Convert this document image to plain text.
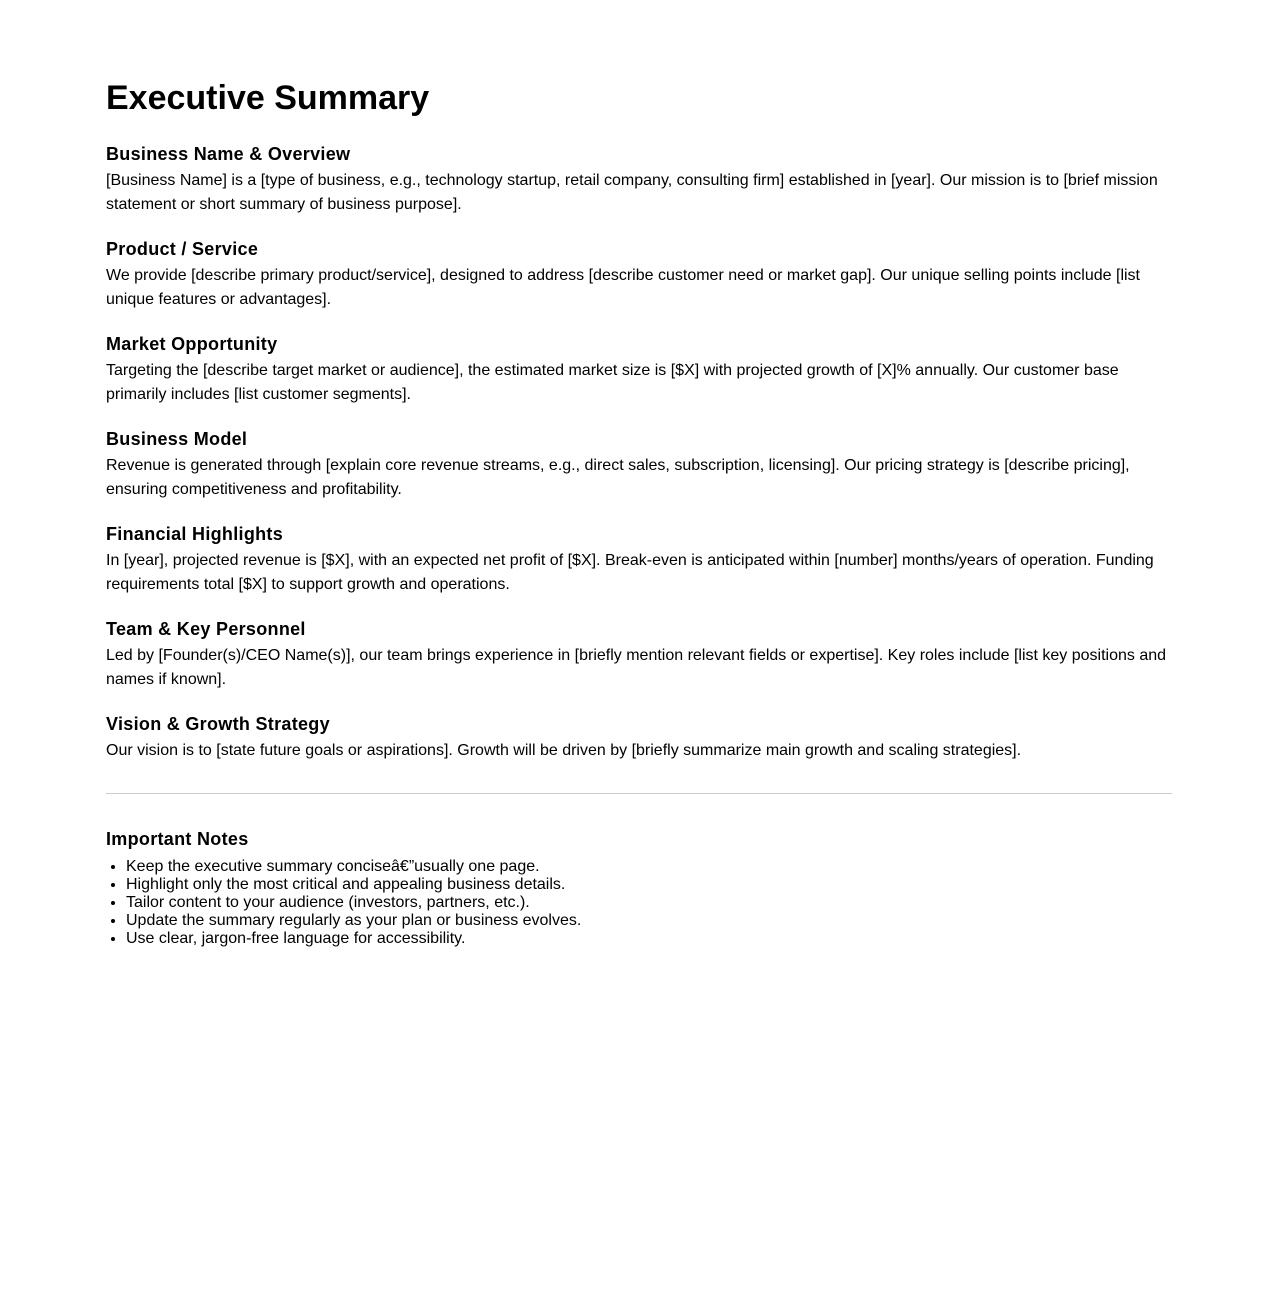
Executive Summary
Business Name & Overview

[Business Name] is a [type of business, e.g., technology startup, retail company, consulting firm] established in [year]. Our mission is to [brief mission statement or short summary of business purpose].

Product / Service

We provide [describe primary product/service], designed to address [describe customer need or market gap]. Our unique selling points include [list unique features or advantages].

Market Opportunity

Targeting the [describe target market or audience], the estimated market size is [$X] with projected growth of [X]% annually. Our customer base primarily includes [list customer segments].

Business Model

Revenue is generated through [explain core revenue streams, e.g., direct sales, subscription, licensing]. Our pricing strategy is [describe pricing], ensuring competitiveness and profitability.

Financial Highlights

In [year], projected revenue is [$X], with an expected net profit of [$X]. Break-even is anticipated within [number] months/years of operation. Funding requirements total [$X] to support growth and operations.

Team & Key Personnel

Led by [Founder(s)/CEO Name(s)], our team brings experience in [briefly mention relevant fields or expertise]. Key roles include [list key positions and names if known].

Vision & Growth Strategy

Our vision is to [state future goals or aspirations]. Growth will be driven by [briefly summarize main growth and scaling strategies].

Important Notes
• Keep the executive summary conciseâ€”usually one page.
• Highlight only the most critical and appealing business details.
• Tailor content to your audience (investors, partners, etc.).
• Update the summary regularly as your plan or business evolves.
• Use clear, jargon-free language for accessibility.
